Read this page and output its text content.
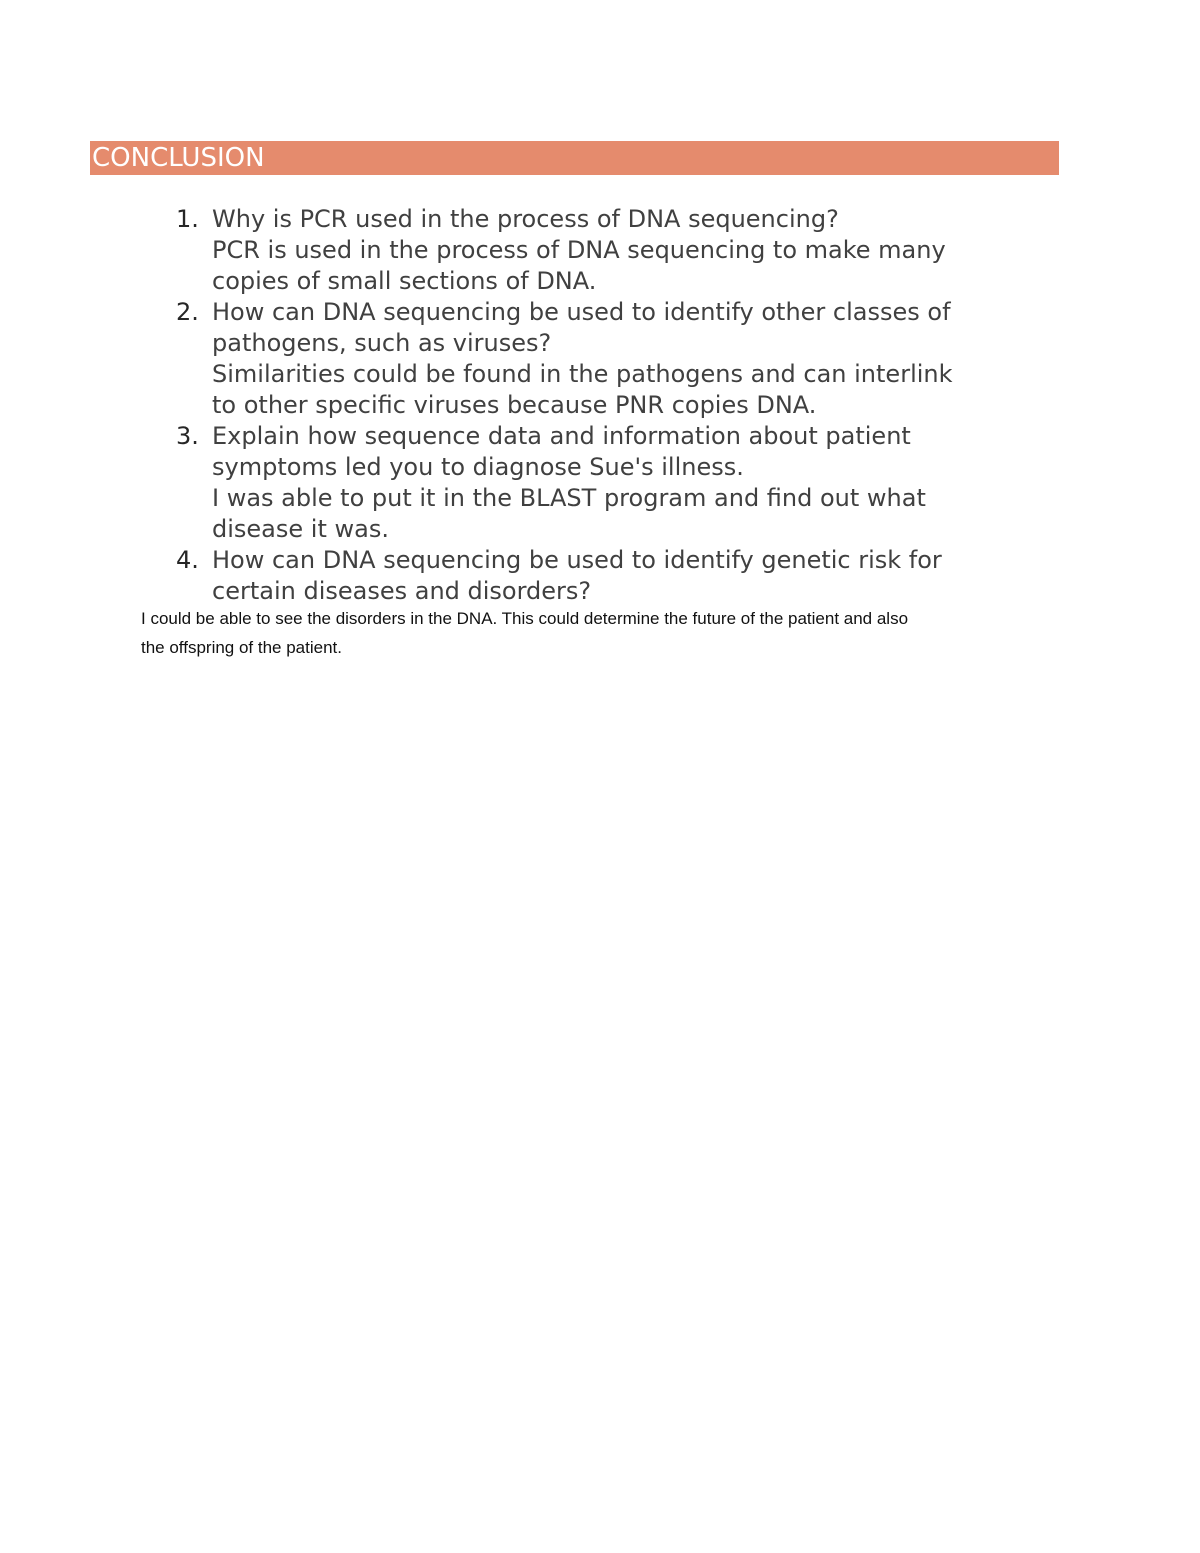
CONCLUSION
1. Why is PCR used in the process of DNA sequencing?
PCR is used in the process of DNA sequencing to make many
copies of small sections of DNA.
2. How can DNA sequencing be used to identify other classes of
pathogens, such as viruses?
Similarities could be found in the pathogens and can interlink
to other specific viruses because PNR copies DNA.
3. Explain how sequence data and information about patient
symptoms led you to diagnose Sue's illness.
I was able to put it in the BLAST program and find out what
disease it was.
4. How can DNA sequencing be used to identify genetic risk for
certain diseases and disorders?
I could be able to see the disorders in the DNA. This could determine the future of the patient and also
the offspring of the patient.
